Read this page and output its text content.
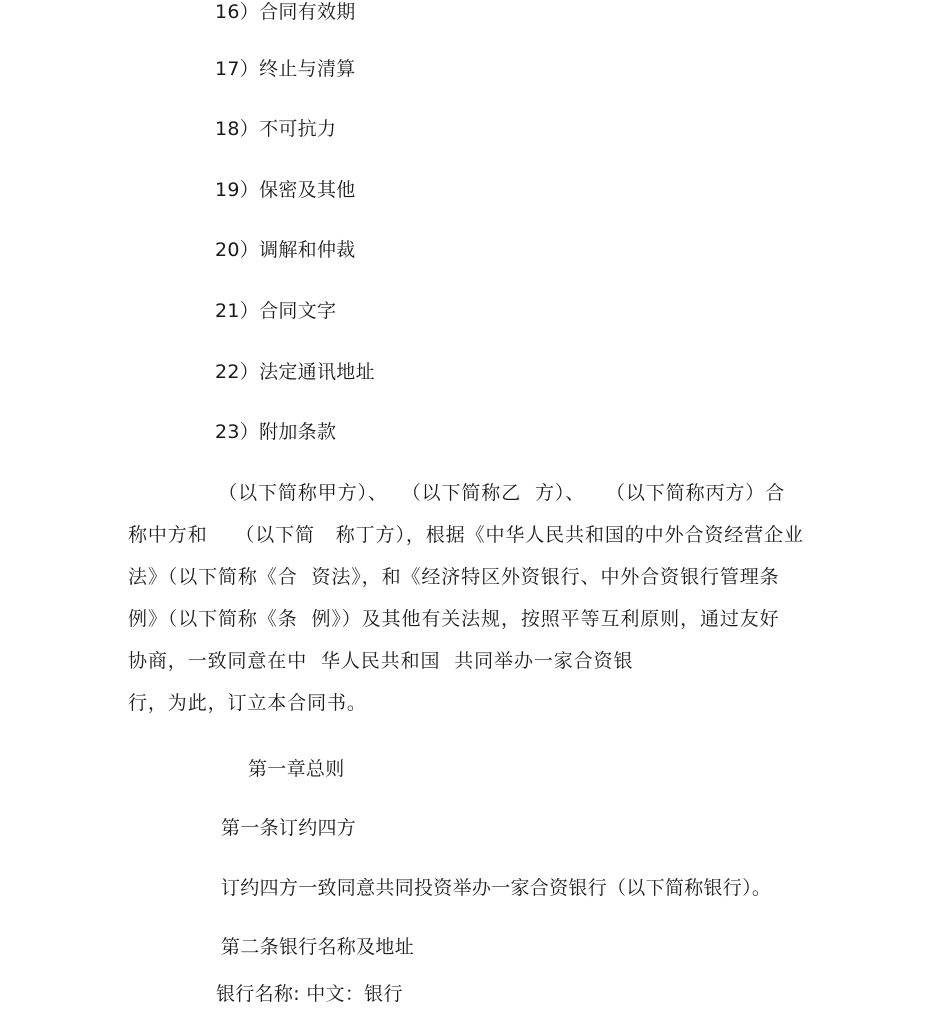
16）合同有效期
17）终止与清算
18）不可抗力
19）保密及其他
20）调解和仲裁
21）合同文字
22）法定通讯地址
23）附加条款
（以下简称甲方）、  （以下简称乙  方）、   （以下简称丙方）合
称中方和    （以下简   称丁方），根据《中华人民共和国的中外合资经营企业
法》（以下简称《合  资法》，和《经济特区外资银行、中外合资银行管理条
例》（以下简称《条  例》）及其他有关法规，按照平等互利原则，通过友好
协商，一致同意在中  华人民共和国  共同举办一家合资银
行，为此，订立本合同书。
第一章总则
第一条订约四方
订约四方一致同意共同投资举办一家合资银行（以下简称银行）。
第二条银行名称及地址
银行名称: 中文：银行
